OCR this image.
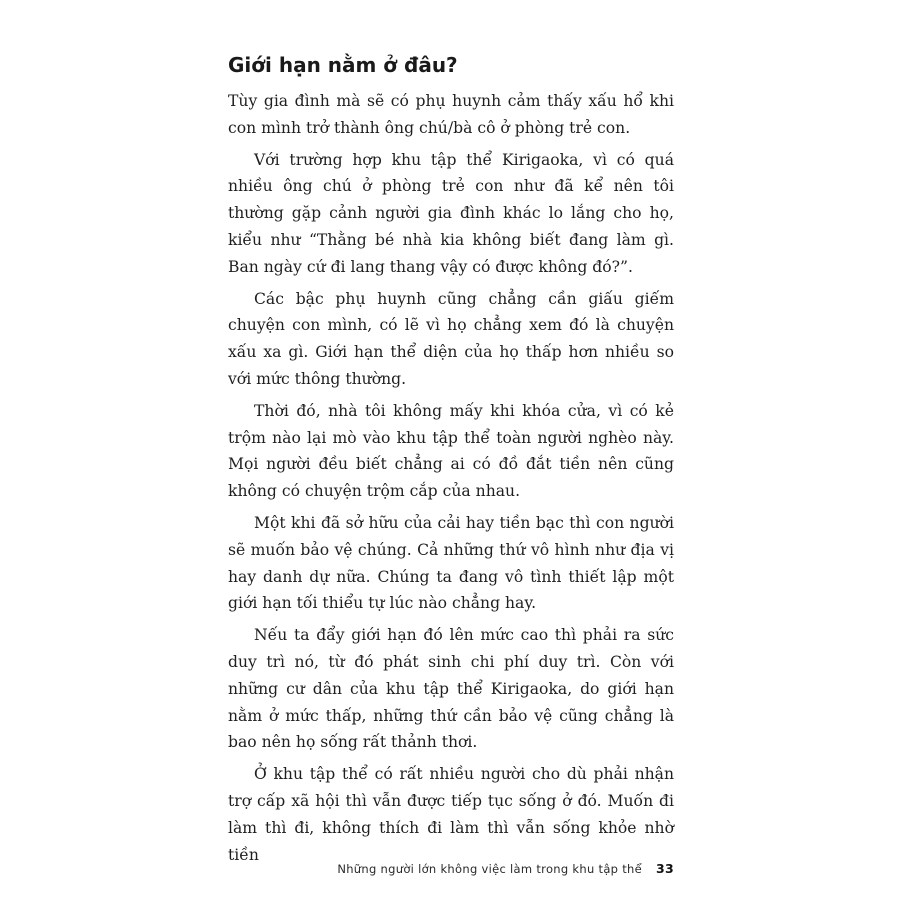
Giới hạn nằm ở đâu?

Tùy gia đình mà sẽ có phụ huynh cảm thấy xấu hổ khi con mình trở thành ông chú/bà cô ở phòng trẻ con.

Với trường hợp khu tập thể Kirigaoka, vì có quá nhiều ông chú ở phòng trẻ con như đã kể nên tôi thường gặp cảnh người gia đình khác lo lắng cho họ, kiểu như “Thằng bé nhà kia không biết đang làm gì. Ban ngày cứ đi lang thang vậy có được không đó?”.

Các bậc phụ huynh cũng chẳng cần giấu giếm chuyện con mình, có lẽ vì họ chẳng xem đó là chuyện xấu xa gì. Giới hạn thể diện của họ thấp hơn nhiều so với mức thông thường.

Thời đó, nhà tôi không mấy khi khóa cửa, vì có kẻ trộm nào lại mò vào khu tập thể toàn người nghèo này. Mọi người đều biết chẳng ai có đồ đắt tiền nên cũng không có chuyện trộm cắp của nhau.

Một khi đã sở hữu của cải hay tiền bạc thì con người sẽ muốn bảo vệ chúng. Cả những thứ vô hình như địa vị hay danh dự nữa. Chúng ta đang vô tình thiết lập một giới hạn tối thiểu tự lúc nào chẳng hay.

Nếu ta đẩy giới hạn đó lên mức cao thì phải ra sức duy trì nó, từ đó phát sinh chi phí duy trì. Còn với những cư dân của khu tập thể Kirigaoka, do giới hạn nằm ở mức thấp, những thứ cần bảo vệ cũng chẳng là bao nên họ sống rất thảnh thơi.

Ở khu tập thể có rất nhiều người cho dù phải nhận trợ cấp xã hội thì vẫn được tiếp tục sống ở đó. Muốn đi làm thì đi, không thích đi làm thì vẫn sống khỏe nhờ tiền

Những người lớn không việc làm trong khu tập thể 33
